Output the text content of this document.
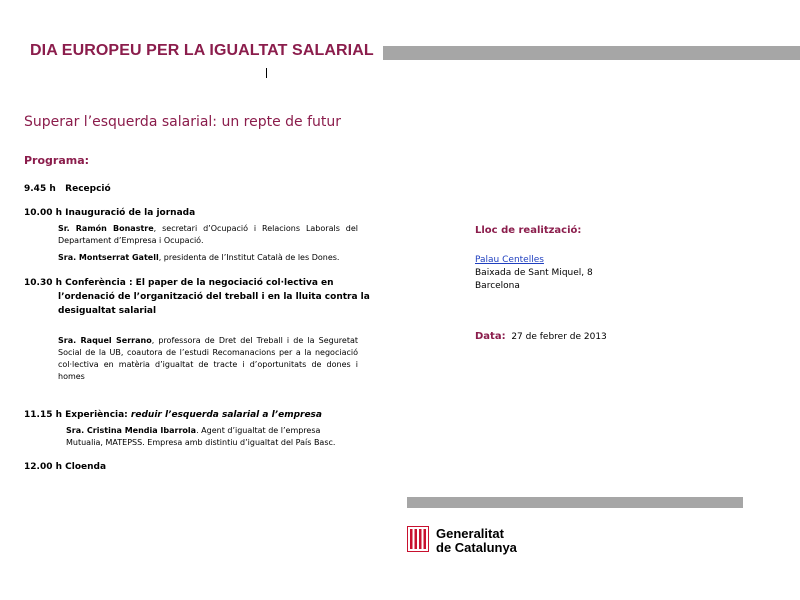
DIA EUROPEU PER LA IGUALTAT SALARIAL
Superar l’esquerda salarial: un repte de futur
Programa:
9.45 h Recepció
10.00 h Inauguració de la jornada
Sr. Ramón Bonastre, secretari d’Ocupació i Relacions Laborals del Departament d’Empresa i Ocupació.
Sra. Montserrat Gatell, presidenta de l’Institut Català de les Dones.
10.30 h Conferència : El paper de la negociació col·lectiva en
l’ordenació de l’organització del treball i en la lluita contra la
desigualtat salarial
Sra. Raquel Serrano, professora de Dret del Treball i de la Seguretat Social de la UB, coautora de l’estudi Recomanacions per a la negociació col·lectiva en matèria d’igualtat de tracte i d’oportunitats de dones i homes
11.15 h Experiència: reduir l’esquerda salarial a l’empresa
Sra. Cristina Mendia Ibarrola. Agent d’igualtat de l’empresa
Mutualia, MATEPSS. Empresa amb distintiu d’igualtat del País Basc.
12.00 h Cloenda
Lloc de realització:
Palau Centelles
Baixada de Sant Miquel, 8
Barcelona
Data: 27 de febrer de 2013
Generalitat
de Catalunya
